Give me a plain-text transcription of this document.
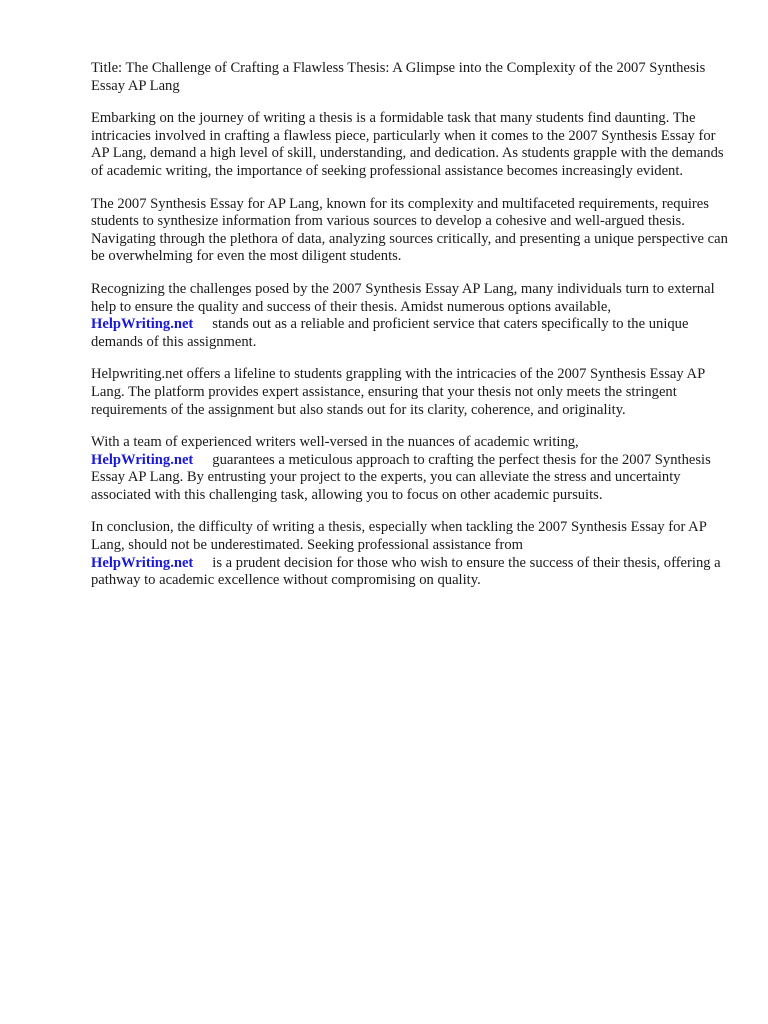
Title: The Challenge of Crafting a Flawless Thesis: A Glimpse into the Complexity of the 2007 Synthesis Essay AP Lang

Embarking on the journey of writing a thesis is a formidable task that many students find daunting. The intricacies involved in crafting a flawless piece, particularly when it comes to the 2007 Synthesis Essay for AP Lang, demand a high level of skill, understanding, and dedication. As students grapple with the demands of academic writing, the importance of seeking professional assistance becomes increasingly evident.

The 2007 Synthesis Essay for AP Lang, known for its complexity and multifaceted requirements, requires students to synthesize information from various sources to develop a cohesive and well-argued thesis. Navigating through the plethora of data, analyzing sources critically, and presenting a unique perspective can be overwhelming for even the most diligent students.

Recognizing the challenges posed by the 2007 Synthesis Essay AP Lang, many individuals turn to external help to ensure the quality and success of their thesis. Amidst numerous options available,
HelpWriting.net stands out as a reliable and proficient service that caters specifically to the unique demands of this assignment.

Helpwriting.net offers a lifeline to students grappling with the intricacies of the 2007 Synthesis Essay AP Lang. The platform provides expert assistance, ensuring that your thesis not only meets the stringent requirements of the assignment but also stands out for its clarity, coherence, and originality.

With a team of experienced writers well-versed in the nuances of academic writing,
HelpWriting.net guarantees a meticulous approach to crafting the perfect thesis for the 2007 Synthesis Essay AP Lang. By entrusting your project to the experts, you can alleviate the stress and uncertainty associated with this challenging task, allowing you to focus on other academic pursuits.

In conclusion, the difficulty of writing a thesis, especially when tackling the 2007 Synthesis Essay for AP Lang, should not be underestimated. Seeking professional assistance from
HelpWriting.net is a prudent decision for those who wish to ensure the success of their thesis, offering a pathway to academic excellence without compromising on quality.
